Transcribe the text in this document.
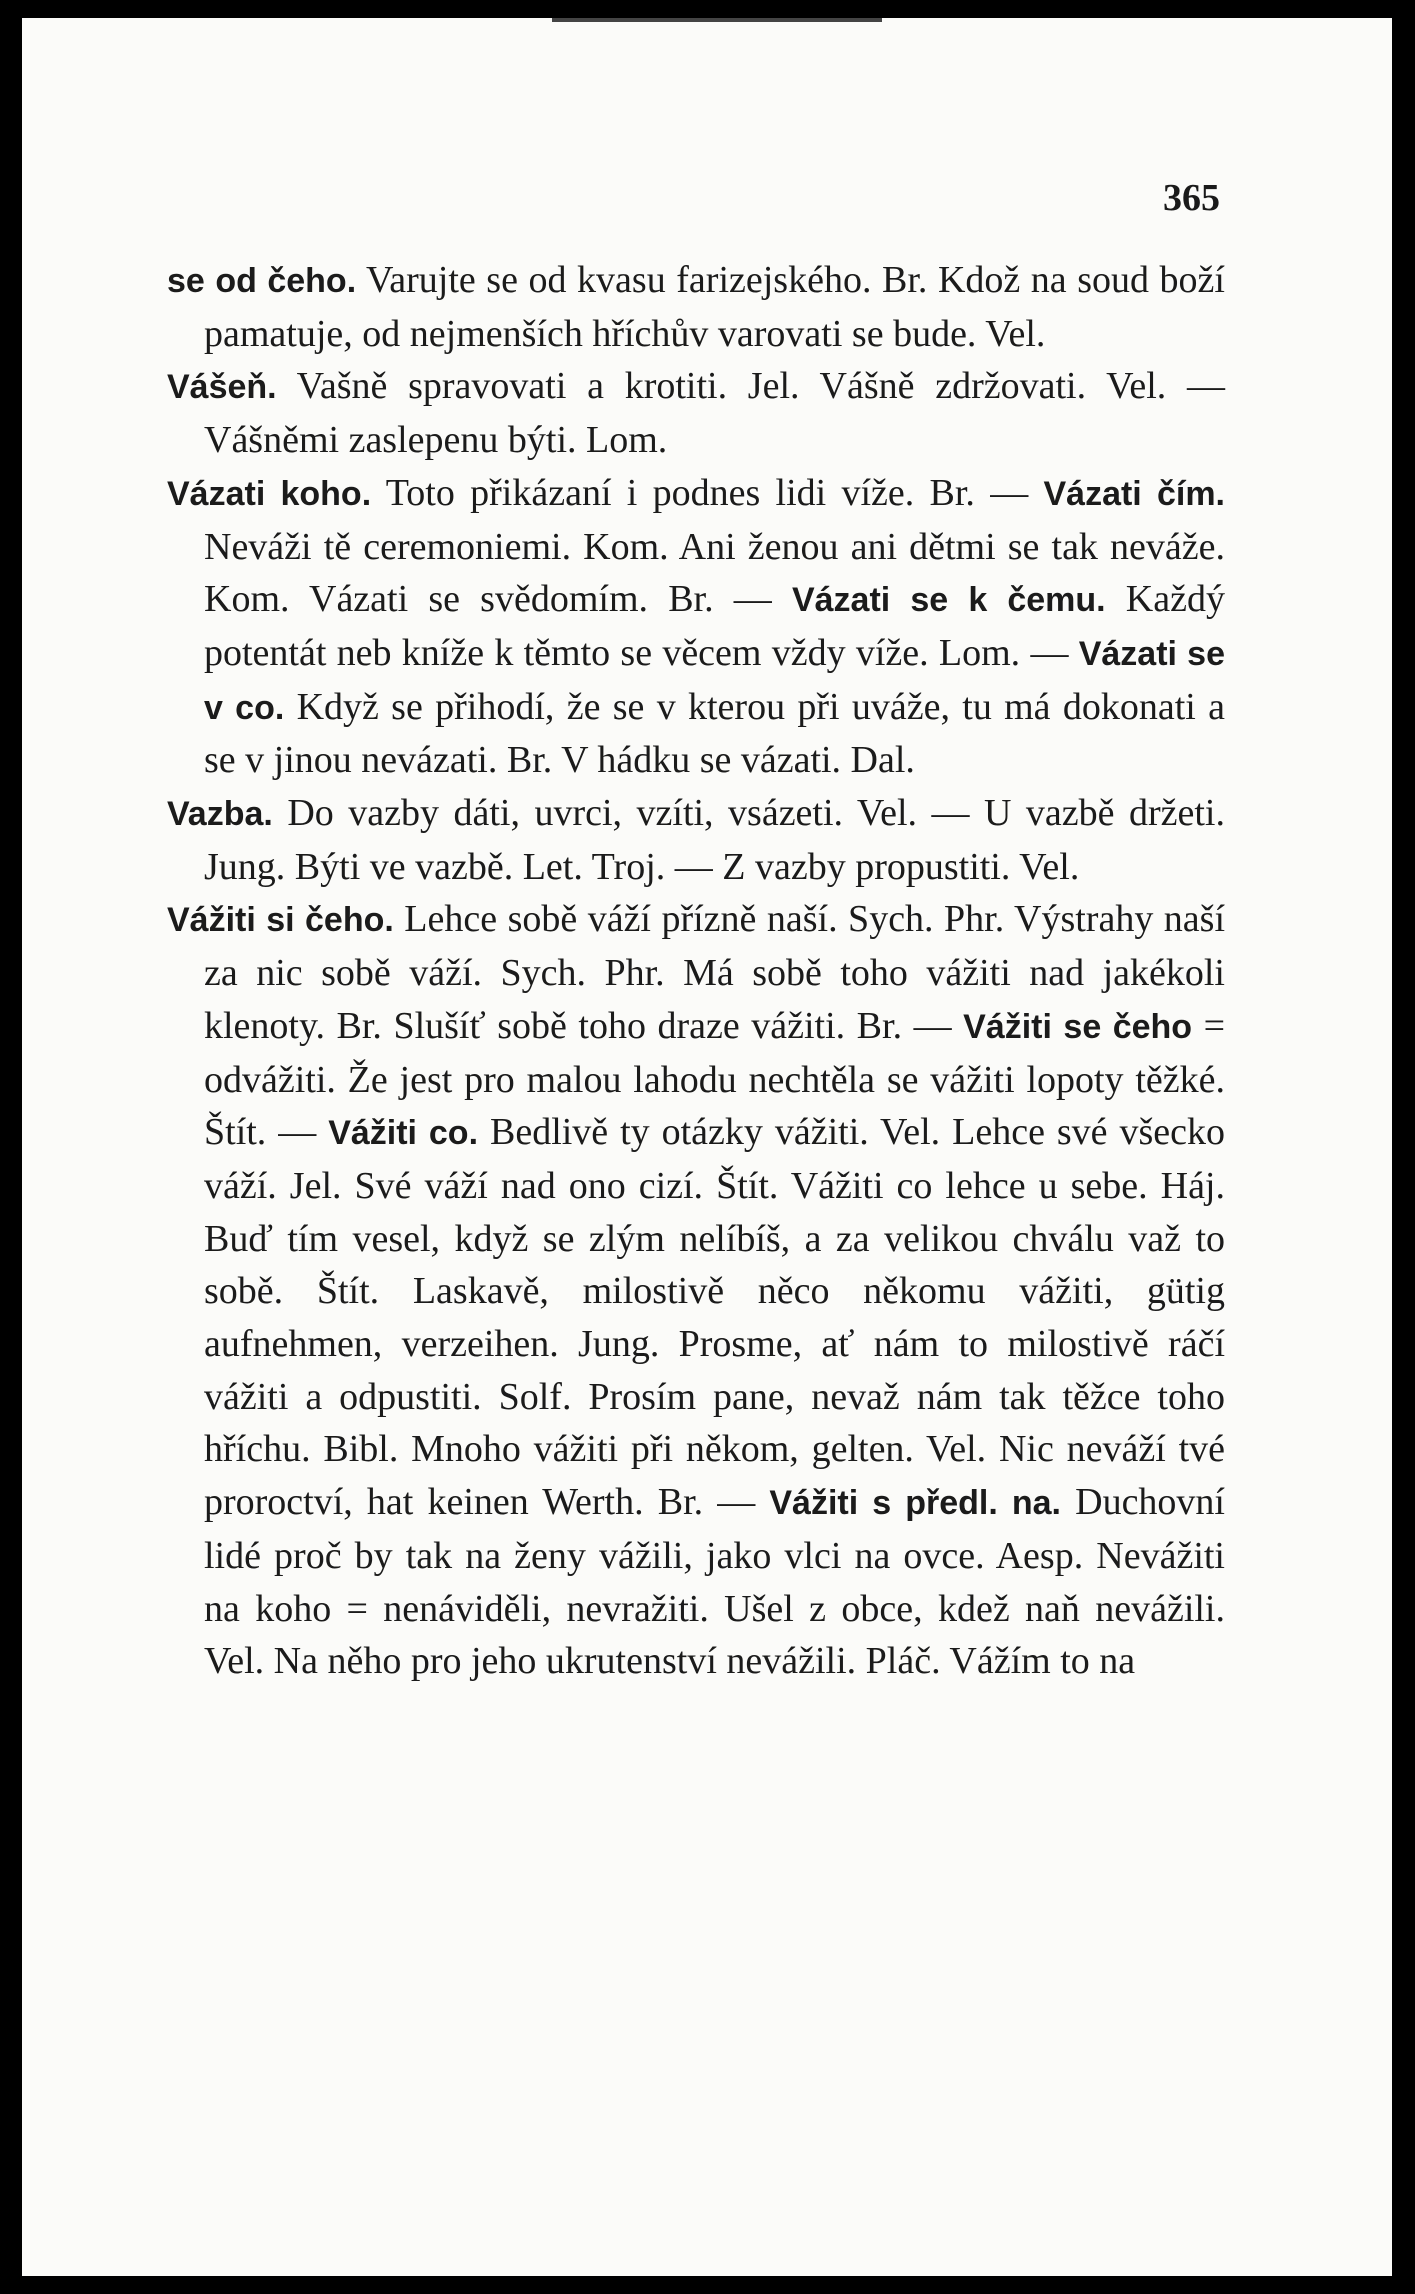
365

se od čeho. Varujte se od kvasu farizejského. Br. Kdož na soud boží pamatuje, od nejmenších hříchův varovati se bude. Vel.

Vášeň. Vašně spravovati a krotiti. Jel. Vášně zdržovati. Vel. — Vášněmi zaslepenu býti. Lom.

Vázati koho. Toto přikázaní i podnes lidi víže. Br. — Vázati čím. Neváži tě ceremoniemi. Kom. Ani ženou ani dětmi se tak neváže. Kom. Vázati se svědomím. Br. — Vázati se k čemu. Každý potentát neb kníže k těmto se věcem vždy víže. Lom. — Vázati se v co. Když se přihodí, že se v kterou při uváže, tu má dokonati a se v jinou nevázati. Br. V hádku se vázati. Dal.

Vazba. Do vazby dáti, uvrci, vzíti, vsázeti. Vel. — U vazbě držeti. Jung. Býti ve vazbě. Let. Troj. — Z vazby propustiti. Vel.

Vážiti si čeho. Lehce sobě váží přízně naší. Sych. Phr. Výstrahy naší za nic sobě váží. Sych. Phr. Má sobě toho vážiti nad jakékoli klenoty. Br. Slušíť sobě toho draze vážiti. Br. — Vážiti se čeho = odvážiti. Že jest pro malou lahodu nechtěla se vážiti lopoty těžké. Štít. — Vážiti co. Bedlivě ty otázky vážiti. Vel. Lehce své všecko váží. Jel. Své váží nad ono cizí. Štít. Vážiti co lehce u sebe. Háj. Buď tím vesel, když se zlým nelíbíš, a za velikou chválu važ to sobě. Štít. Laskavě, milostivě něco někomu vážiti, gütig aufnehmen, verzeihen. Jung. Prosme, ať nám to milostivě ráčí vážiti a odpustiti. Solf. Prosím pane, nevaž nám tak těžce toho hříchu. Bibl. Mnoho vážiti při někom, gelten. Vel. Nic neváží tvé proroctví, hat keinen Werth. Br. — Vážiti s předl. na. Duchovní lidé proč by tak na ženy vážili, jako vlci na ovce. Aesp. Nevážiti na koho = nenáviděli, nevražiti. Ušel z obce, kdež naň nevážili. Vel. Na něho pro jeho ukrutenství nevážili. Pláč. Vážím to na
